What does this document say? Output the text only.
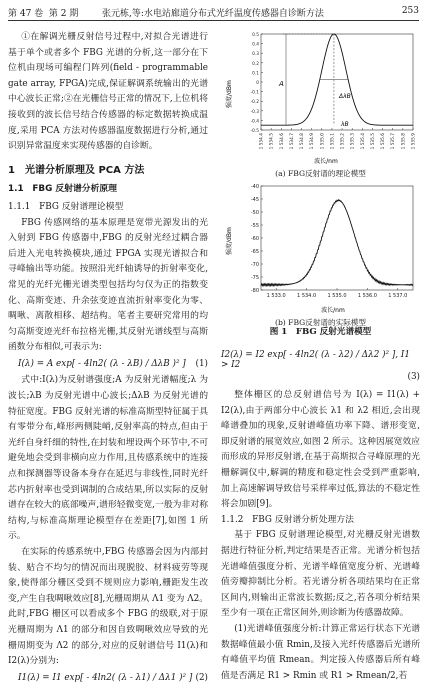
第 47 卷 第 2 期	张元栋,等:水电站廊道分布式光纤温度传感器自诊断方法	253

①在解调光栅反射信号过程中,对拟合光谱进行基于单个或者多个 FBG 光谱的分析,这一部分在下位机由现场可编程门阵列(field - programmable gate array, FPGA)完成,保证解调系统输出的光谱中心波长正常;②在光栅信号正常的情况下,上位机将接收到的波长信号结合传感器的标定数据转换成温度,采用 PCA 方法对传感器温度数据进行分析,通过识别异常温度来实现传感器的自诊断。

1　光谱分析原理及 PCA 方法
1.1　FBG 反射谱分析原理
1.1.1　FBG 反射谱理论模型

FBG 传感网络的基本原理是宽带光源发出的光入射到 FBG 传感器中,FBG 的反射光经过耦合器后进入光电转换模块,通过 FPGA 实现光谱拟合和寻峰输出等功能。按照沿光纤轴诱导的折射率变化,常见的光纤光栅光谱类型包括均匀仅为正的指数变化、高斯变迹、升余弦变迹直流折射率变化为零、啁啾、离散相移、超结构。笔者主要研究常用的均匀高斯变迹光纤布拉格光栅,其反射光谱线型与高斯函数分布相似,可表示为:

I(λ) = A exp[ - 4ln2( (λ - λB) / ΔλB )² ] (1)

式中:I(λ)为反射谱强度;A 为反射光谱幅度;λ 为波长;λB 为反射光谱中心波长;ΔλB 为反射光谱的特征宽度。FBG 反射光谱的标准高斯型特征属于具有零带分布,峰形两侧陡峭,反射率高的特点,但由于光纤自身纤细的特性,在封装和埋设两个环节中,不可避免地会受到非横向应力作用,且传感系统中的连接点和探测器等设备本身存在延迟与非线性,同时光纤芯内折射率也受到调制的合成结果,所以实际的反射谱存在较大的底部噪声,谱形轻微变宽,一般为非对称结构,与标准高斯理论模型存在差距[7],如图 1 所示。

在实际的传感系统中,FBG 传感器会因为内部封装、贴合不均匀的情况而出现脱胶、材料疲劳等现象,使得部分栅区受到不规则应力影响,栅距发生改变,产生自我啁啾效应[8],光栅周期从 Λ1 变为 Λ2。此时,FBG 栅区可以看成多个 FBG 的级联,对于原光栅周期为 Λ1 的部分和因自致啁啾效应导致的光栅周期变为 Λ2 的部分,对应的反射谱信号 I1(λ)和 I2(λ)分别为:

I1(λ) = I1 exp[ - 4ln2( (λ - λ1) / Δλ1 )² ] (2)
0.5
0.4
0.3
0.2
0.1
0
-0.1
-0.2
-0.3
-0.4
-0.5
1 534.4 1 534.5 1 534.6 1 534.7 1 534.8 1 534.9 1 535.0 1 535.1 1 535.2 1 535.3 1 535.4 1 535.5 1 535.6 1 535.7 1 535.8 1 535.9
强度/dBm
波长/nm
A
λB
ΔλB
(a) FBG反射谱的理论模型
-40
-45
-50
-55
-60
-65
-70
-75
-80
1 533.0 1 534.0 1 535.0 1 536.0 1 537.0
强度/dBm
波长/nm
(b) FBG反射谱的实际模型
图 1　FBG 反射光谱模型
I2(λ) = I2 exp[ - 4ln2( (λ - λ2) / Δλ2 )² ], I1 > I2
(3)

整体栅区的总反射谱信号为 I(λ) = I1(λ) + I2(λ),由于两部分中心波长 λ1 和 λ2 相近,会出现峰谱叠加的现象,反射谱峰值功率下降、谱形变宽,即反射谱的展宽效应,如图 2 所示。这种因展宽效应而形成的异形反射谱,在基于高斯拟合寻峰原理的光栅解调仪中,解调的精度和稳定性会受到严重影响,加上高速解调导致信号采样率过低,算法的不稳定性将会加剧[9]。

1.1.2　FBG 反射谱分析处理方法

基于 FBG 反射谱理论模型,对光栅反射光谱数据进行特征分析,判定结果是否正常。光谱分析包括光谱峰值强度分析、光谱半峰值宽度分析、光谱峰值旁瓣抑制比分析。若光谱分析各项结果均在正常区间内,则输出正常波长数据;反之,若各项分析结果至少有一项在正常区间外,则诊断为传感器故障。

(1)光谱峰值强度分析:计算正常运行状态下光谱数据峰值最小值 Rmin,及接入光纤传感器后光谱所有峰值平均值 Rmean。判定接入传感器后所有峰值是否满足 R1 > Rmin 或 R1 > Rmean/2,若
